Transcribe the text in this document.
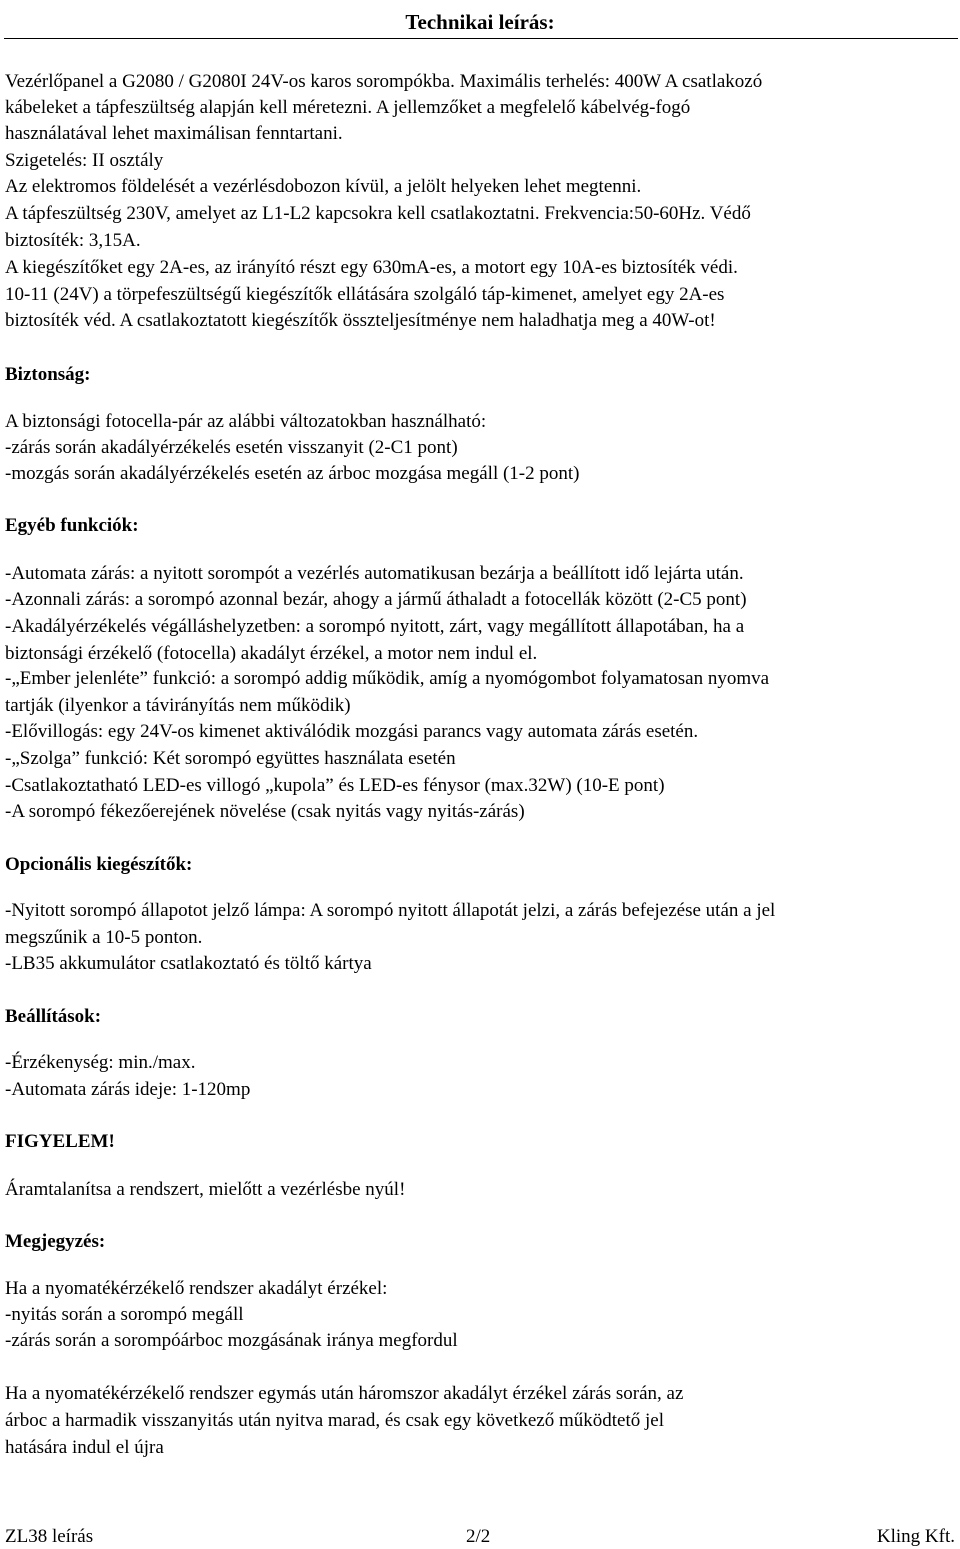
Technikai leírás:
Vezérlőpanel a G2080 / G2080I 24V-os karos sorompókba. Maximális terhelés: 400W A csatlakozó
kábeleket a tápfeszültség alapján kell méretezni. A jellemzőket a megfelelő kábelvég-fogó
használatával lehet maximálisan fenntartani.
Szigetelés: II osztály
Az elektromos földelését a vezérlésdobozon kívül, a jelölt helyeken lehet megtenni.
A tápfeszültség 230V, amelyet az L1-L2 kapcsokra kell csatlakoztatni. Frekvencia:50-60Hz. Védő
biztosíték: 3,15A.
A kiegészítőket egy 2A-es, az irányító részt egy 630mA-es, a motort egy 10A-es biztosíték védi.
10-11 (24V) a törpefeszültségű kiegészítők ellátására szolgáló táp-kimenet, amelyet egy 2A-es
biztosíték véd. A csatlakoztatott kiegészítők összteljesítménye nem haladhatja meg a 40W-ot!
Biztonság:
A biztonsági fotocella-pár az alábbi változatokban használható:
-zárás során akadályérzékelés esetén visszanyit (2-C1 pont)
-mozgás során akadályérzékelés esetén az árboc mozgása megáll (1-2 pont)
Egyéb funkciók:
-Automata zárás: a nyitott sorompót a vezérlés automatikusan bezárja a beállított idő lejárta után.
-Azonnali zárás: a sorompó azonnal bezár, ahogy a jármű áthaladt a fotocellák között (2-C5 pont)
-Akadályérzékelés végálláshelyzetben: a sorompó nyitott, zárt, vagy megállított állapotában, ha a
biztonsági érzékelő (fotocella) akadályt érzékel, a motor nem indul el.
-„Ember jelenléte” funkció: a sorompó addig működik, amíg a nyomógombot folyamatosan nyomva
tartják (ilyenkor a távirányítás nem működik)
-Elővillogás: egy 24V-os kimenet aktiválódik mozgási parancs vagy automata zárás esetén.
-„Szolga” funkció: Két sorompó együttes használata esetén
-Csatlakoztatható LED-es villogó „kupola” és LED-es fénysor (max.32W) (10-E pont)
-A sorompó fékezőerejének növelése (csak nyitás vagy nyitás-zárás)
Opcionális kiegészítők:
-Nyitott sorompó állapotot jelző lámpa: A sorompó nyitott állapotát jelzi, a zárás befejezése után a jel
megszűnik a 10-5 ponton.
-LB35 akkumulátor csatlakoztató és töltő kártya
Beállítások:
-Érzékenység: min./max.
-Automata zárás ideje: 1-120mp
FIGYELEM!
Áramtalanítsa a rendszert, mielőtt a vezérlésbe nyúl!
Megjegyzés:
Ha a nyomatékérzékelő rendszer akadályt érzékel:
-nyitás során a sorompó megáll
-zárás során a sorompóárboc mozgásának iránya megfordul
Ha a nyomatékérzékelő rendszer egymás után háromszor akadályt érzékel zárás során, az
árboc a harmadik visszanyitás után nyitva marad, és csak egy következő működtető jel
hatására indul el újra
ZL38 leírás	2/2	Kling Kft.
